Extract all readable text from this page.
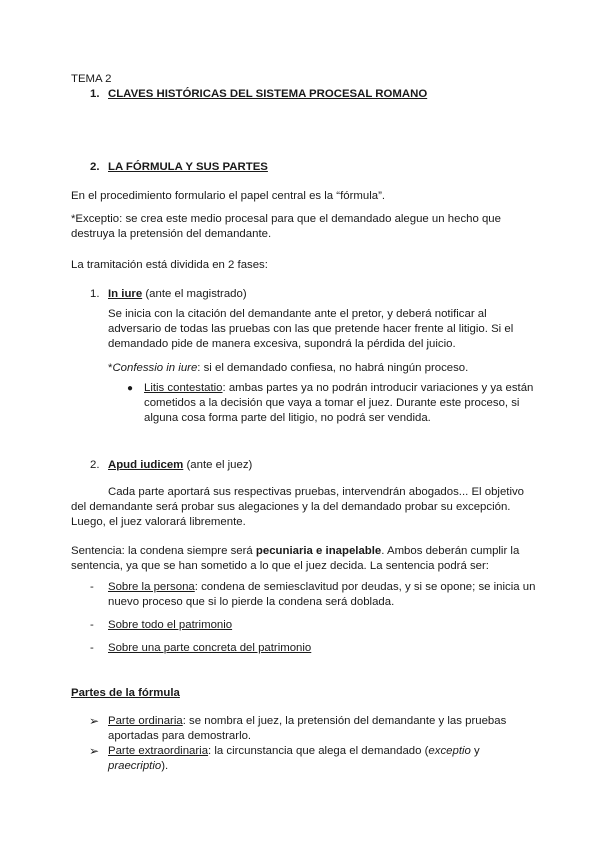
TEMA 2
1. CLAVES HISTÓRICAS DEL SISTEMA PROCESAL ROMANO
2. LA FÓRMULA Y SUS PARTES
En el procedimiento formulario el papel central es la “fórmula”.
*Exceptio: se crea este medio procesal para que el demandado alegue un hecho que
destruya la pretensión del demandante.
La tramitación está dividida en 2 fases:
1. In iure (ante el magistrado)
Se inicia con la citación del demandante ante el pretor, y deberá notificar al
adversario de todas las pruebas con las que pretende hacer frente al litigio. Si el
demandado pide de manera excesiva, supondrá la pérdida del juicio.
*Confessio in iure: si el demandado confiesa, no habrá ningún proceso.
● Litis contestatio: ambas partes ya no podrán introducir variaciones y ya están
cometidos a la decisión que vaya a tomar el juez. Durante este proceso, si
alguna cosa forma parte del litigio, no podrá ser vendida.
2. Apud iudicem (ante el juez)
Cada parte aportará sus respectivas pruebas, intervendrán abogados... El objetivo
del demandante será probar sus alegaciones y la del demandado probar su excepción.
Luego, el juez valorará libremente.
Sentencia: la condena siempre será pecuniaria e inapelable. Ambos deberán cumplir la
sentencia, ya que se han sometido a lo que el juez decida. La sentencia podrá ser:
- Sobre la persona: condena de semiesclavitud por deudas, y si se opone; se inicia un
nuevo proceso que si lo pierde la condena será doblada.
- Sobre todo el patrimonio
- Sobre una parte concreta del patrimonio
Partes de la fórmula
➢ Parte ordinaria: se nombra el juez, la pretensión del demandante y las pruebas
aportadas para demostrarlo.
➢ Parte extraordinaria: la circunstancia que alega el demandado (exceptio y
praecriptio).
